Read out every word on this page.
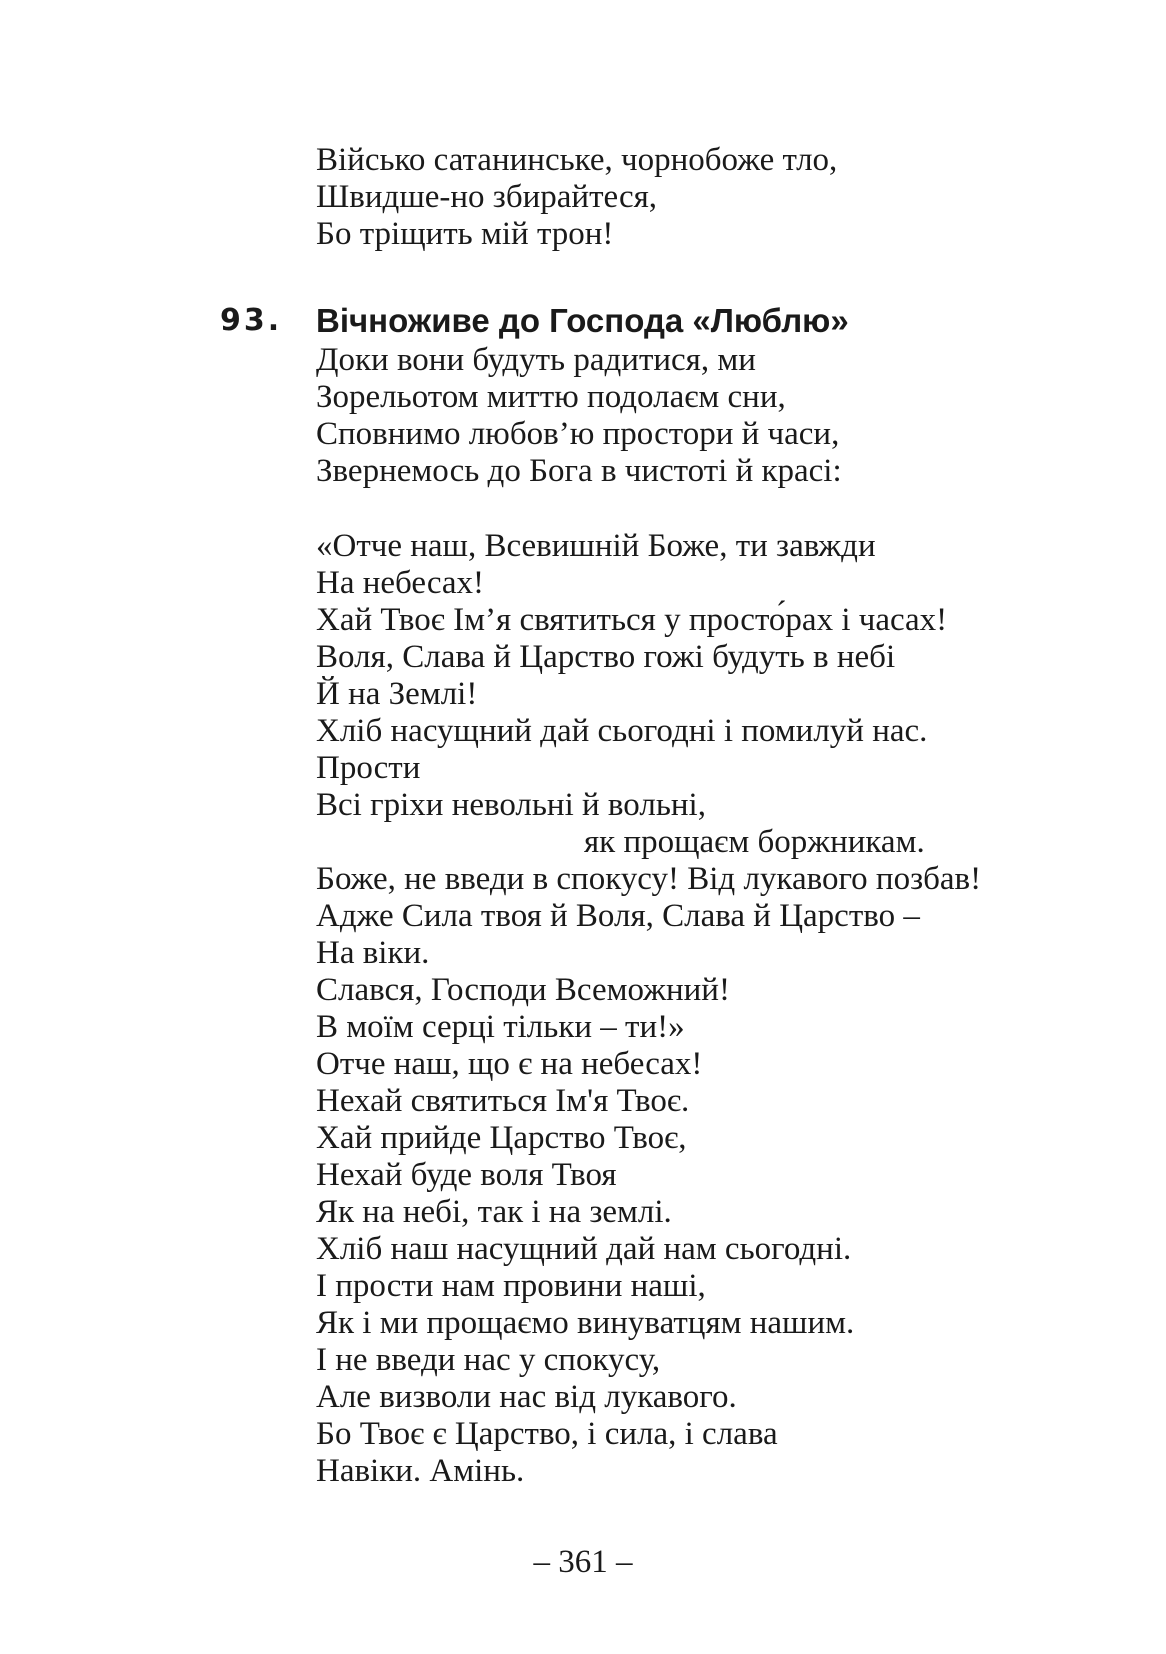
Військо сатанинське, чорнобоже тло,
Швидше-но збирайтеся,
Бо тріщить мій трон!
93. Вічноживе до Господа «Люблю»
Доки вони будуть радитися, ми
Зорельотом миттю подолаєм сни,
Сповнимо любов’ю простори й часи,
Звернемось до Бога в чистоті й красі:
«Отче наш, Всевишній Боже, ти завжди
На небесах!
Хай Твоє Ім’я святиться у просто́рах і часах!
Воля, Слава й Царство гожі будуть в небі
Й на Землі!
Хліб насущний дай сьогодні і помилуй нас.
Прости
Всі гріхи невольні й вольні,
як прощаєм боржникам.
Боже, не введи в спокусу! Від лукавого позбав!
Адже Сила твоя й Воля, Слава й Царство –
На віки.
Слався, Господи Всеможний!
В моїм серці тільки – ти!»
Отче наш, що є на небесах!
Нехай святиться Ім'я Твоє.
Хай прийде Царство Твоє,
Нехай буде воля Твоя
Як на небі, так і на землі.
Хліб наш насущний дай нам сьогодні.
І прости нам провини наші,
Як і ми прощаємо винуватцям нашим.
І не введи нас у спокусу,
Але визволи нас від лукавого.
Бо Твоє є Царство, і сила, і слава
Навіки. Амінь.
– 361 –
